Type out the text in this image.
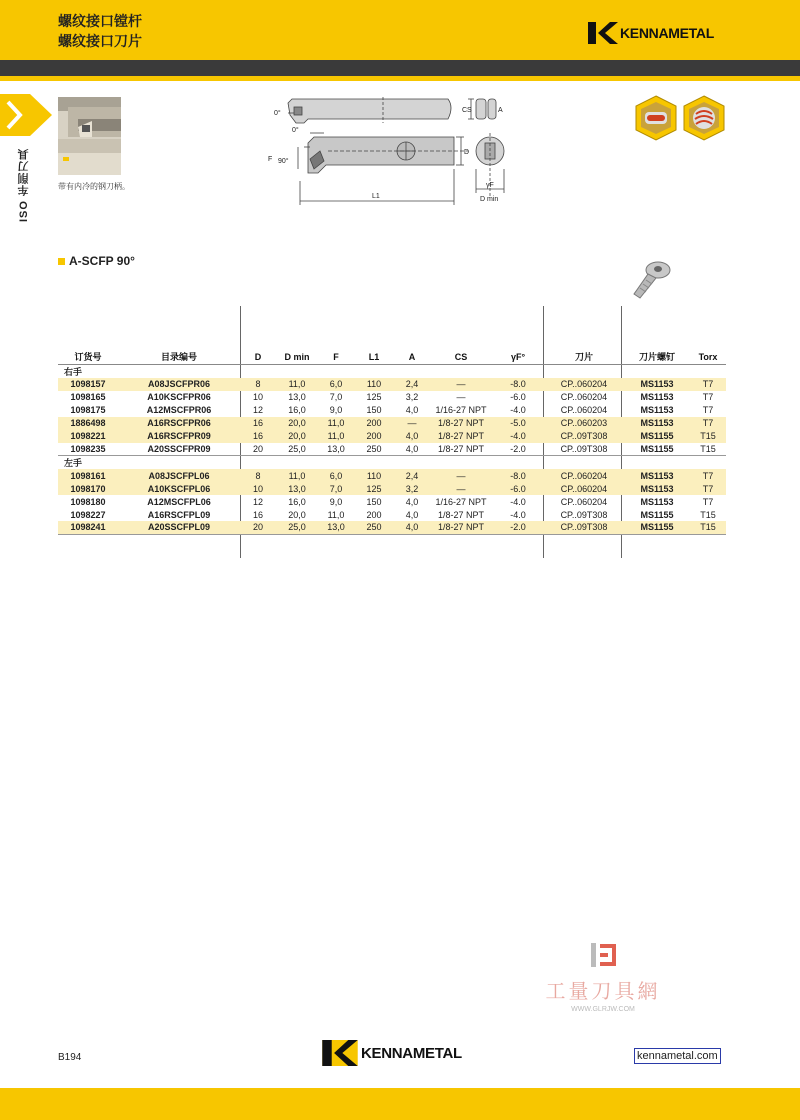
螺纹接口镗杆
螺纹接口刀片	KENNAMETAL
ISO 车削刀具	带有内冷的钢刀柄。
0°
0°
90°
F
D
CS	A
L1
γF
D min
A-SCFP 90°
订货号	目录编号	D	D min	F	L1	A	CS	γF°	刀片	刀片螺钉	Torx
右手											
1098157	A08JSCFPR06	8	11,0	6,0	110	2,4	—	-8.0	CP..060204	MS1153	T7
1098165	A10KSCFPR06	10	13,0	7,0	125	3,2	—	-6.0	CP..060204	MS1153	T7
1098175	A12MSCFPR06	12	16,0	9,0	150	4,0	1/16-27 NPT	-4.0	CP..060204	MS1153	T7
1886498	A16RSCFPR06	16	20,0	11,0	200	—	1/8-27 NPT	-5.0	CP..060203	MS1153	T7
1098221	A16RSCFPR09	16	20,0	11,0	200	4,0	1/8-27 NPT	-4.0	CP..09T308	MS1155	T15
1098235	A20SSCFPR09	20	25,0	13,0	250	4,0	1/8-27 NPT	-2.0	CP..09T308	MS1155	T15
左手											
1098161	A08JSCFPL06	8	11,0	6,0	110	2,4	—	-8.0	CP..060204	MS1153	T7
1098170	A10KSCFPL06	10	13,0	7,0	125	3,2	—	-6.0	CP..060204	MS1153	T7
1098180	A12MSCFPL06	12	16,0	9,0	150	4,0	1/16-27 NPT	-4.0	CP..060204	MS1153	T7
1098227	A16RSCFPL09	16	20,0	11,0	200	4,0	1/8-27 NPT	-4.0	CP..09T308	MS1155	T15
1098241	A20SSCFPL09	20	25,0	13,0	250	4,0	1/8-27 NPT	-2.0	CP..09T308	MS1155	T15
工量刀具網
WWW.GLRJW.COM
B194	KENNAMETAL	kennametal.com
